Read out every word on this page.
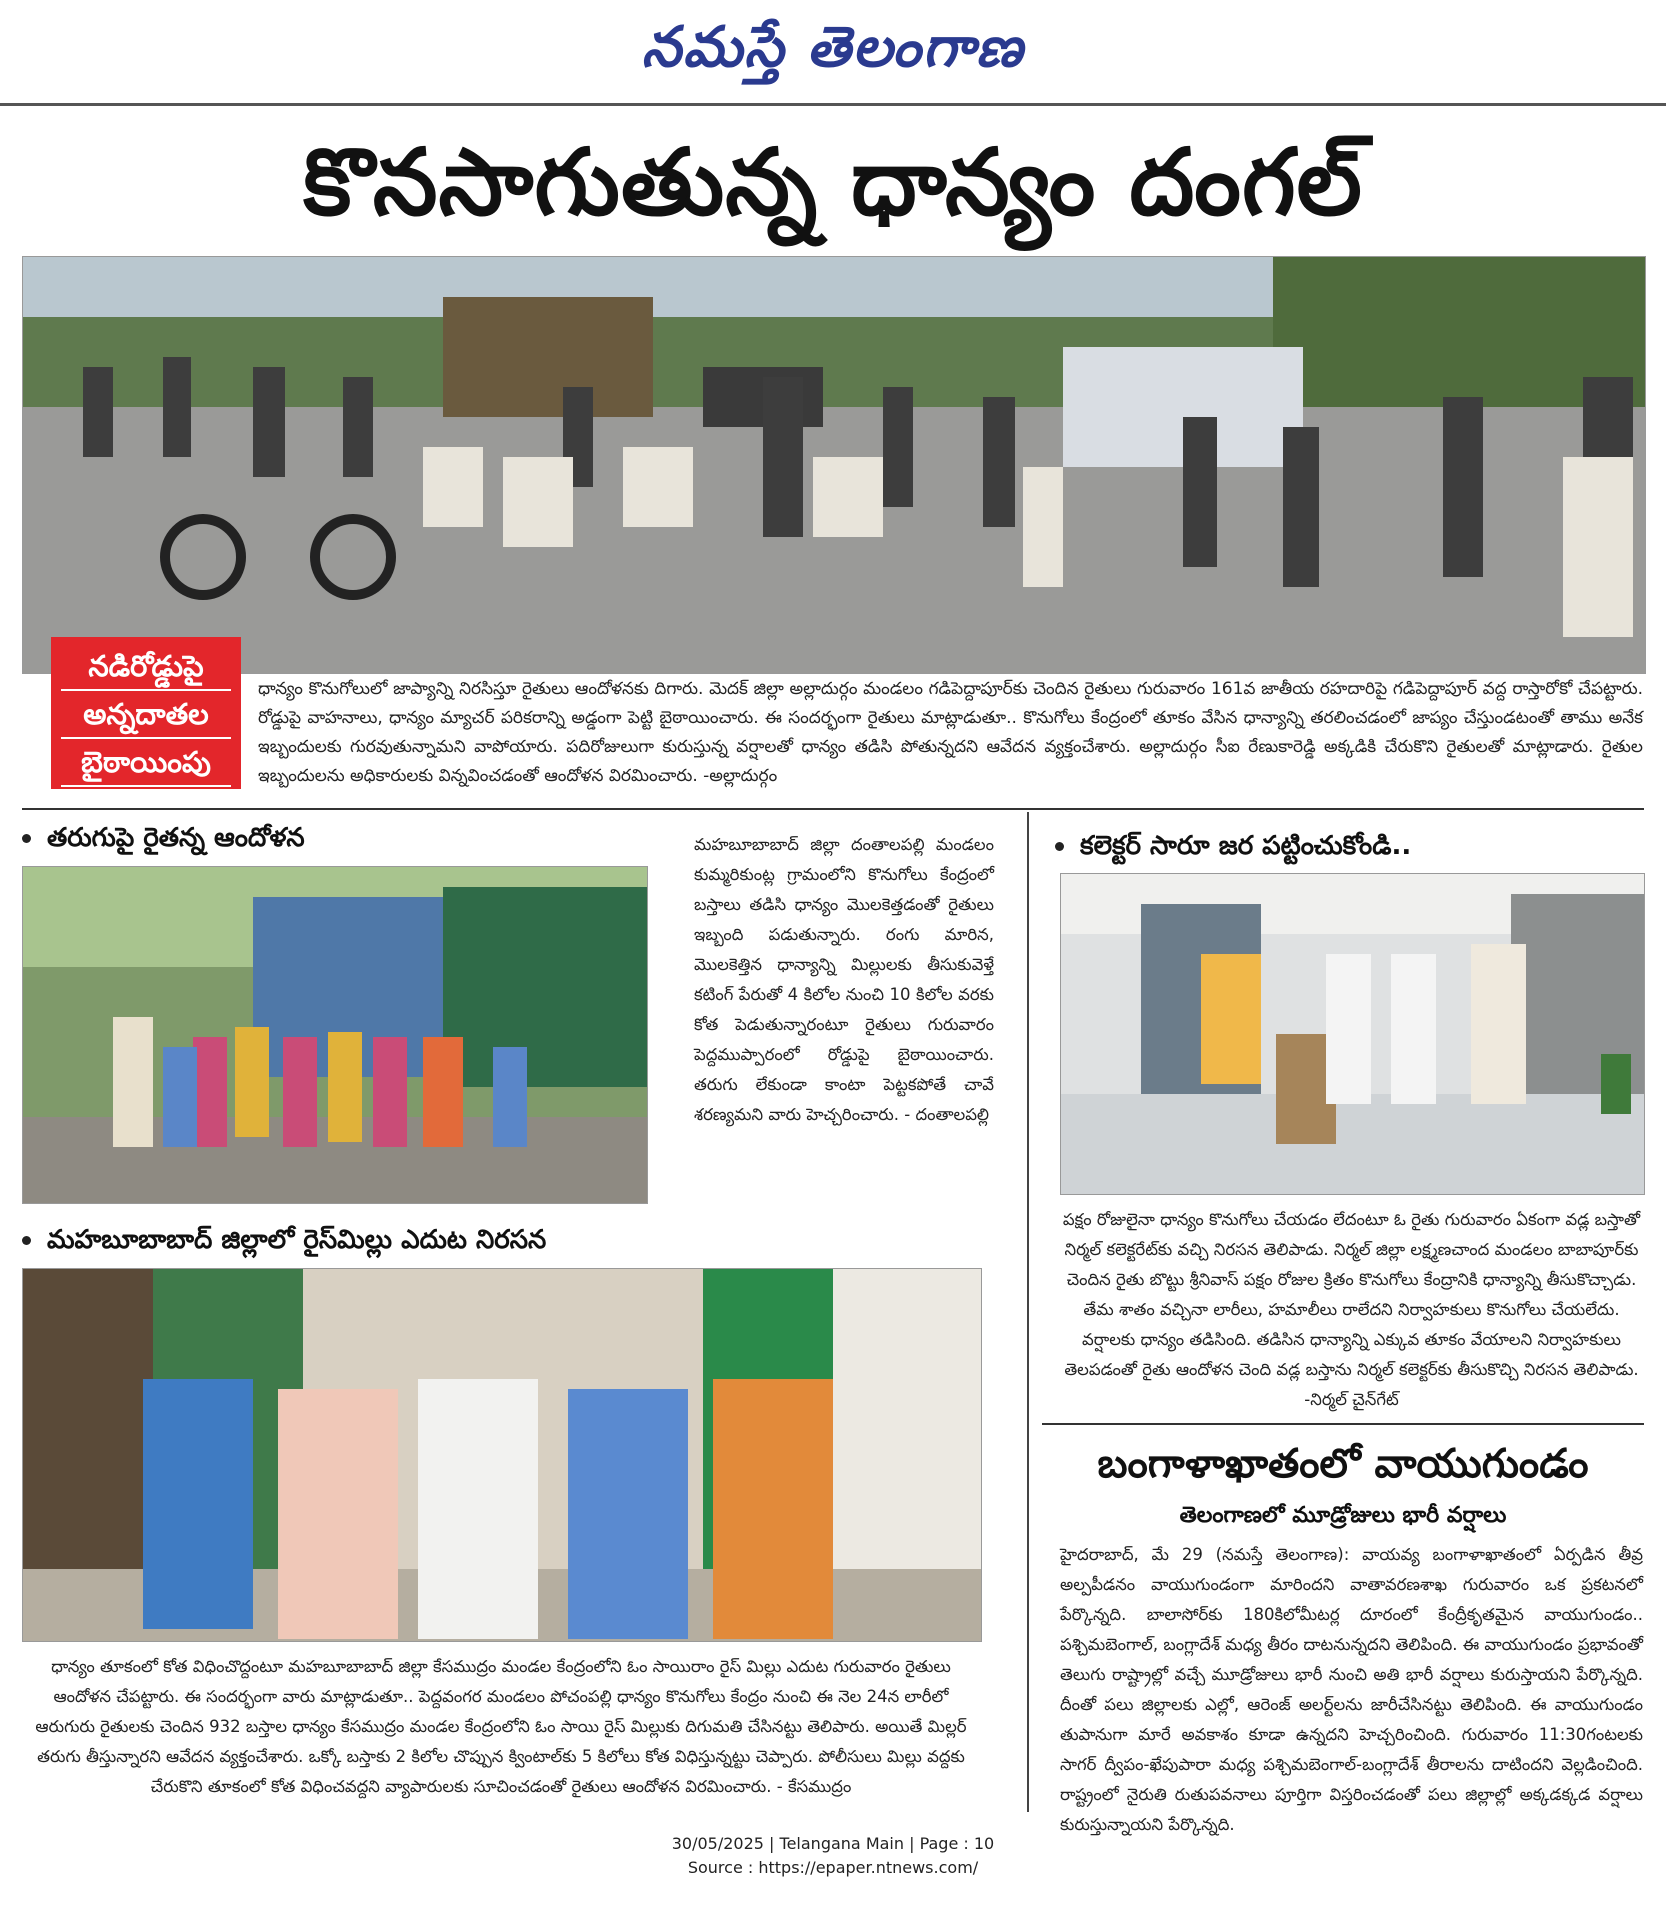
నమస్తే తెలంగాణ
కొనసాగుతున్న ధాన్యం దంగల్
నడిరోడ్డుపై
అన్నదాతల
బైఠాయింపు
ధాన్యం కొనుగోలులో జాప్యాన్ని నిరసిస్తూ రైతులు ఆందోళనకు దిగారు. మెదక్ జిల్లా అల్లాదుర్గం మండలం గడిపెద్దాపూర్‌కు చెందిన రైతులు గురువారం 161వ జాతీయ రహదారిపై గడిపెద్దాపూర్ వద్ద రాస్తారోకో చేపట్టారు. రోడ్డుపై వాహనాలు, ధాన్యం మ్యాచర్ పరికరాన్ని అడ్డంగా పెట్టి బైఠాయించారు. ఈ సందర్భంగా రైతులు మాట్లాడుతూ.. కొనుగోలు కేంద్రంలో తూకం వేసిన ధాన్యాన్ని తరలించడంలో జాప్యం చేస్తుండటంతో తాము అనేక ఇబ్బందులకు గురవుతున్నామని వాపోయారు. పదిరోజులుగా కురుస్తున్న వర్షాలతో ధాన్యం తడిసి పోతున్నదని ఆవేదన వ్యక్తంచేశారు. అల్లాదుర్గం సీఐ రేణుకారెడ్డి అక్కడికి చేరుకొని రైతులతో మాట్లాడారు. రైతుల ఇబ్బందులను అధికారులకు విన్నవించడంతో ఆందోళన విరమించారు. -అల్లాదుర్గం
తరుగుపై రైతన్న ఆందోళన	మహబూబాబాద్ జిల్లా దంతాలపల్లి మండలం కుమ్మరికుంట్ల గ్రామంలోని కొనుగోలు కేంద్రంలో బస్తాలు తడిసి ధాన్యం మొలకెత్తడంతో రైతులు ఇబ్బంది పడుతున్నారు. రంగు మారిన, మొలకెత్తిన ధాన్యాన్ని మిల్లులకు తీసుకువెళ్తే కటింగ్ పేరుతో 4 కిలోల నుంచి 10 కిలోల వరకు కోత పెడుతున్నారంటూ రైతులు గురువారం పెద్దముప్పారంలో రోడ్డుపై బైఠాయించారు. తరుగు లేకుండా కాంటా పెట్టకపోతే చావే శరణ్యమని వారు హెచ్చరించారు. - దంతాలపల్లి
కలెక్టర్ సారూ జర పట్టించుకోండి..
పక్షం రోజులైనా ధాన్యం కొనుగోలు చేయడం లేదంటూ ఓ రైతు గురువారం ఏకంగా వడ్ల బస్తాతో నిర్మల్ కలెక్టరేట్‌కు వచ్చి నిరసన తెలిపాడు. నిర్మల్ జిల్లా లక్ష్మణచాంద మండలం బాబాపూర్‌కు చెందిన రైతు బొట్టు శ్రీనివాస్ పక్షం రోజుల క్రితం కొనుగోలు కేంద్రానికి ధాన్యాన్ని తీసుకొచ్చాడు. తేమ శాతం వచ్చినా లారీలు, హమాలీలు రాలేదని నిర్వాహకులు కొనుగోలు చేయలేదు. వర్షాలకు ధాన్యం తడిసింది. తడిసిన ధాన్యాన్ని ఎక్కువ తూకం వేయాలని నిర్వాహకులు తెలపడంతో రైతు ఆందోళన చెంది వడ్ల బస్తాను నిర్మల్ కలెక్టర్‌కు తీసుకొచ్చి నిరసన తెలిపాడు. -నిర్మల్ చైన్‌గేట్
మహబూబాబాద్ జిల్లాలో రైస్‌మిల్లు ఎదుట నిరసన
ధాన్యం తూకంలో కోత విధించొద్దంటూ మహబూబాబాద్ జిల్లా కేసముద్రం మండల కేంద్రంలోని ఓం సాయిరాం రైస్ మిల్లు ఎదుట గురువారం రైతులు ఆందోళన చేపట్టారు. ఈ సందర్భంగా వారు మాట్లాడుతూ.. పెద్దవంగర మండలం పోచంపల్లి ధాన్యం కొనుగోలు కేంద్రం నుంచి ఈ నెల 24న లారీలో ఆరుగురు రైతులకు చెందిన 932 బస్తాల ధాన్యం కేసముద్రం మండల కేంద్రంలోని ఓం సాయి రైస్ మిల్లుకు దిగుమతి చేసినట్టు తెలిపారు. అయితే మిల్లర్ తరుగు తీస్తున్నారని ఆవేదన వ్యక్తంచేశారు. ఒక్కో బస్తాకు 2 కిలోల చొప్పున క్వింటాల్‌కు 5 కిలోలు కోత విధిస్తున్నట్టు చెప్పారు. పోలీసులు మిల్లు వద్దకు చేరుకొని తూకంలో కోత విధించవద్దని వ్యాపారులకు సూచించడంతో రైతులు ఆందోళన విరమించారు. - కేసముద్రం
బంగాళాఖాతంలో వాయుగుండం
తెలంగాణలో మూడ్రోజులు భారీ వర్షాలు
హైదరాబాద్, మే 29 (నమస్తే తెలంగాణ): వాయవ్య బంగాళాఖాతంలో ఏర్పడిన తీవ్ర అల్పపీడనం వాయుగుండంగా మారిందని వాతావరణశాఖ గురువారం ఒక ప్రకటనలో పేర్కొన్నది. బాలాసోర్‌కు 180కిలోమీటర్ల దూరంలో కేంద్రీకృతమైన వాయుగుండం.. పశ్చిమబెంగాల్, బంగ్లాదేశ్ మధ్య తీరం దాటనున్నదని తెలిపింది. ఈ వాయుగుండం ప్రభావంతో తెలుగు రాష్ట్రాల్లో వచ్చే మూడ్రోజులు భారీ నుంచి అతి భారీ వర్షాలు కురుస్తాయని పేర్కొన్నది. దీంతో పలు జిల్లాలకు ఎల్లో, ఆరెంజ్ అలర్ట్‌లను జారీచేసినట్టు తెలిపింది. ఈ వాయుగుండం తుపానుగా మారే అవకాశం కూడా ఉన్నదని హెచ్చరించింది. గురువారం 11:30గంటలకు సాగర్ ద్వీపం-ఖేపుపారా మధ్య పశ్చిమబెంగాల్-బంగ్లాదేశ్ తీరాలను దాటిందని వెల్లడించింది. రాష్ట్రంలో నైరుతి రుతుపవనాలు పూర్తిగా విస్తరించడంతో పలు జిల్లాల్లో అక్కడక్కడ వర్షాలు కురుస్తున్నాయని పేర్కొన్నది.
30/05/2025 | Telangana Main | Page : 10
Source : https://epaper.ntnews.com/
